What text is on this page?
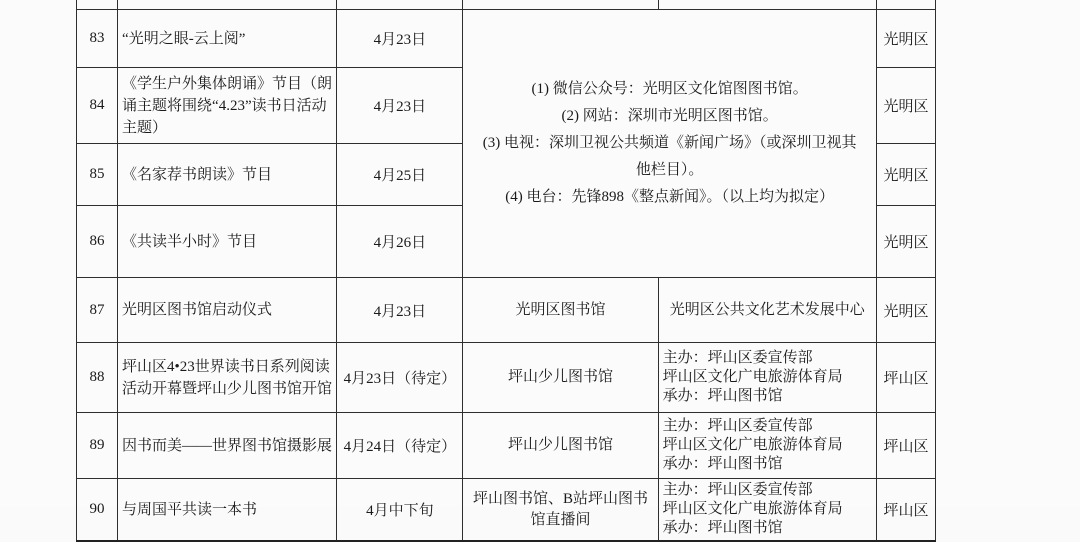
83	“光明之眼-云上阅”	4月23日	(1) 微信公众号：光明区文化馆图图书馆。
(2) 网站：深圳市光明区图书馆。
(3) 电视：深圳卫视公共频道《新闻广场》（或深圳卫视其
他栏目）。
(4) 电台：先锋898《整点新闻》。（以上均为拟定）		光明区
84	《学生户外集体朗诵》节目（朗诵主题将围绕“4.23”读书日活动主题）	4月23日			光明区
85	《名家荐书朗读》节目	4月25日			光明区
86	《共读半小时》节目	4月26日			光明区
87	光明区图书馆启动仪式	4月23日	光明区图书馆	光明区公共文化艺术发展中心	光明区
88	坪山区4•23世界读书日系列阅读活动开幕暨坪山少儿图书馆开馆	4月23日（待定）	坪山少儿图书馆	主办：坪山区委宣传部
坪山区文化广电旅游体育局
承办：坪山图书馆	坪山区
89	因书而美——世界图书馆摄影展	4月24日（待定）	坪山少儿图书馆	主办：坪山区委宣传部
坪山区文化广电旅游体育局
承办：坪山图书馆	坪山区
90	与周国平共读一本书	4月中下旬	坪山图书馆、B站坪山图书馆直播间	主办：坪山区委宣传部
坪山区文化广电旅游体育局
承办：坪山图书馆	坪山区
